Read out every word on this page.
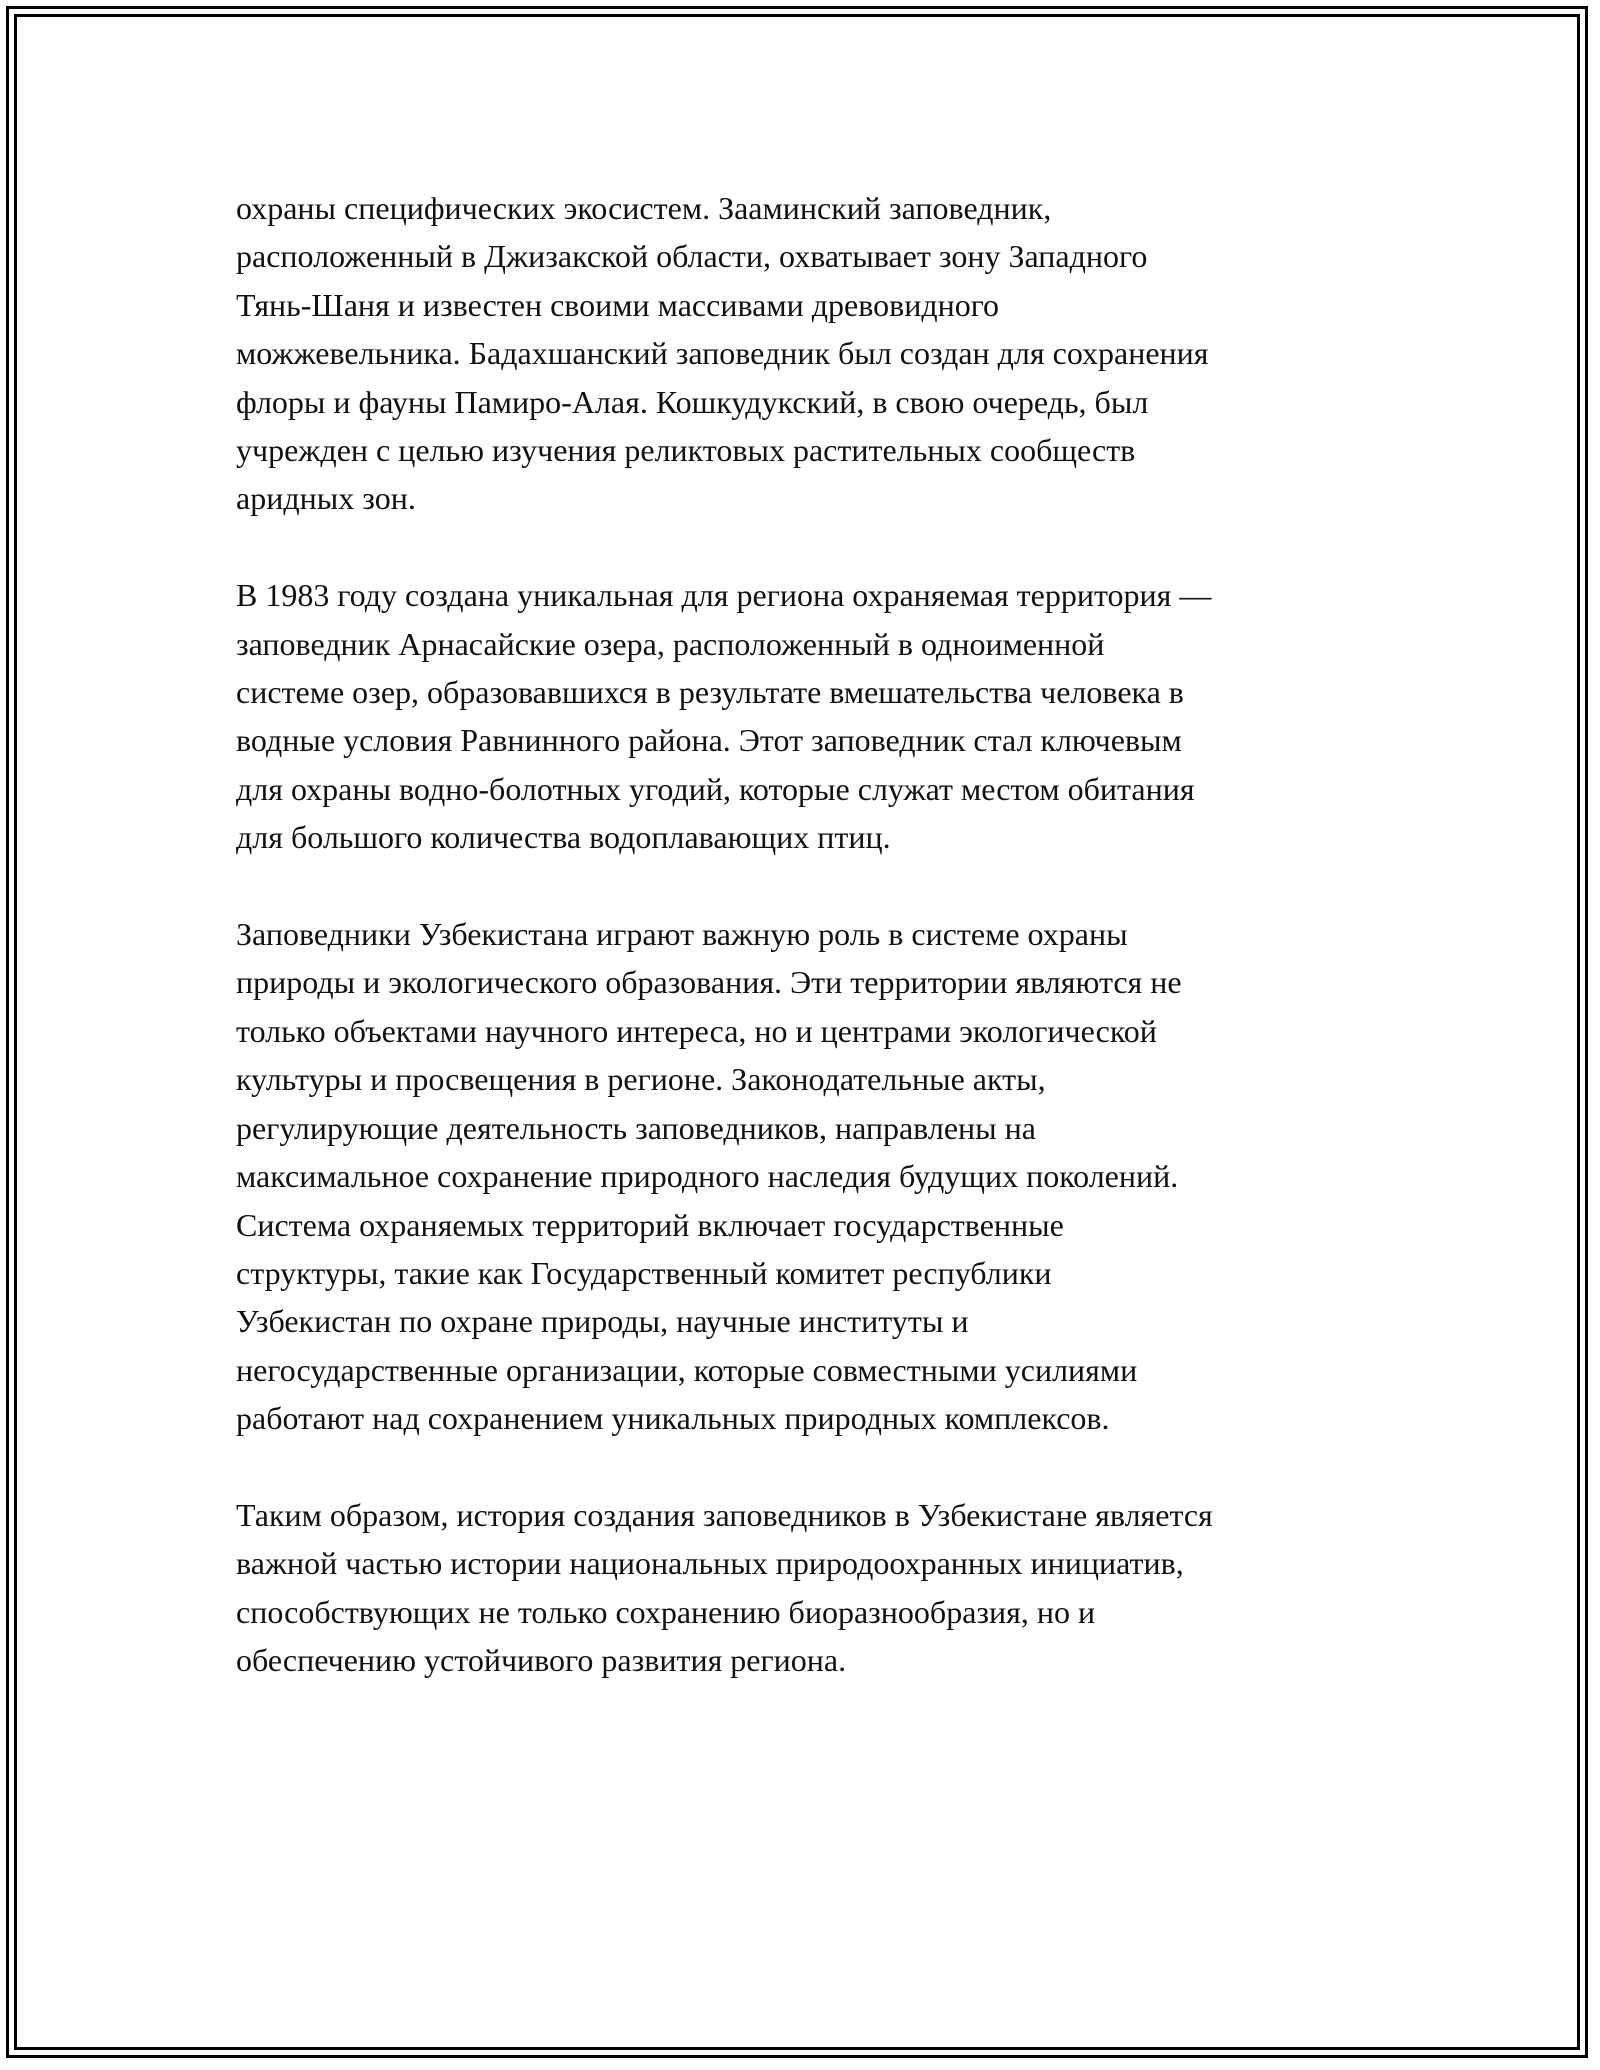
охраны специфических экосистем. Зааминский заповедник,
расположенный в Джизакской области, охватывает зону Западного
Тянь-Шаня и известен своими массивами древовидного
можжевельника. Бадахшанский заповедник был создан для сохранения
флоры и фауны Памиро-Алая. Кошкудукский, в свою очередь, был
учрежден с целью изучения реликтовых растительных сообществ
аридных зон.

В 1983 году создана уникальная для региона охраняемая территория —
заповедник Арнасайские озера, расположенный в одноименной
системе озер, образовавшихся в результате вмешательства человека в
водные условия Равнинного района. Этот заповедник стал ключевым
для охраны водно-болотных угодий, которые служат местом обитания
для большого количества водоплавающих птиц.

Заповедники Узбекистана играют важную роль в системе охраны
природы и экологического образования. Эти территории являются не
только объектами научного интереса, но и центрами экологической
культуры и просвещения в регионе. Законодательные акты,
регулирующие деятельность заповедников, направлены на
максимальное сохранение природного наследия будущих поколений.
Система охраняемых территорий включает государственные
структуры, такие как Государственный комитет республики
Узбекистан по охране природы, научные институты и
негосударственные организации, которые совместными усилиями
работают над сохранением уникальных природных комплексов.

Таким образом, история создания заповедников в Узбекистане является
важной частью истории национальных природоохранных инициатив,
способствующих не только сохранению биоразнообразия, но и
обеспечению устойчивого развития региона.
